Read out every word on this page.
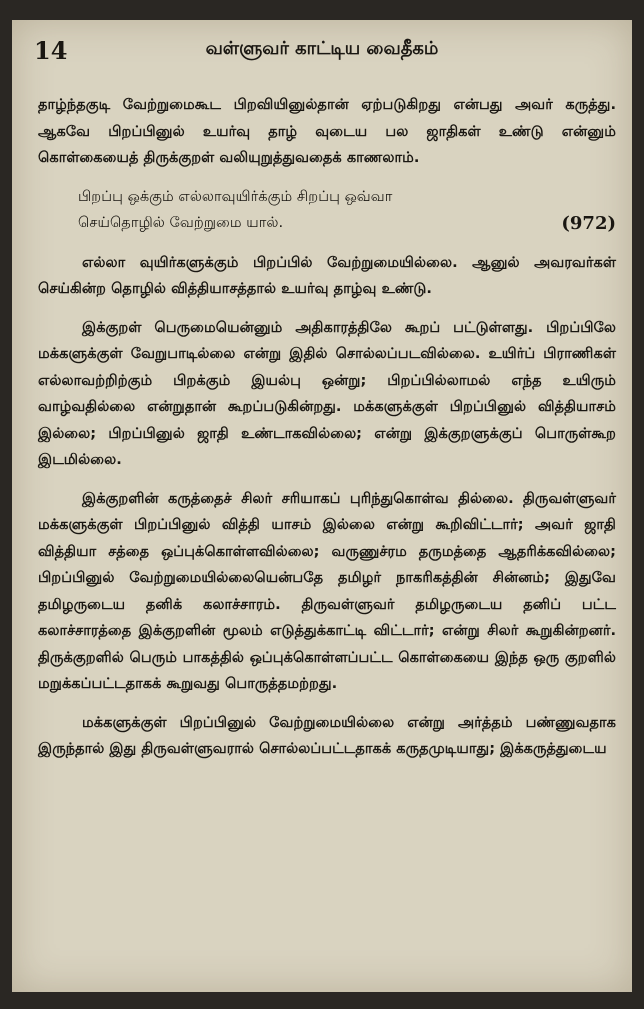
14	வள்ளுவர் காட்டிய வைதீகம்

தாழ்ந்தகுடி வேற்றுமைகூட பிறவியினுல்தான் ஏற்படுகிறது என்பது அவர் கருத்து. ஆகவே பிறப்பினுல் உயர்வு தாழ் வுடைய பல ஜாதிகள் உண்டு என்னும் கொள்கையைத் திருக்குறள் வலியுறுத்துவதைக் காணலாம்.

பிறப்பு ஒக்கும் எல்லாவுயிர்க்கும் சிறப்பு ஒவ்வா
செய்தொழில் வேற்றுமை யால்.	(972)

எல்லா வுயிர்களுக்கும் பிறப்பில் வேற்றுமையில்லை. ஆனுல் அவரவர்கள் செய்கின்ற தொழில் வித்தியாசத்தால் உயர்வு தாழ்வு உண்டு.

இக்குறள் பெருமையென்னும் அதிகாரத்திலே கூறப் பட்டுள்ளது. பிறப்பிலே மக்களுக்குள் வேறுபாடில்லை என்று இதில் சொல்லப்படவில்லை. உயிர்ப் பிராணிகள் எல்லாவற்றிற்கும் பிறக்கும் இயல்பு ஒன்று; பிறப்பில்லாமல் எந்த உயிரும் வாழ்வதில்லை என்றுதான் கூறப்படுகின்றது. மக்களுக்குள் பிறப்பினுல் வித்தியாசம் இல்லை; பிறப்பினுல் ஜாதி உண்டாகவில்லை; என்று இக்குறளுக்குப் பொருள்கூற இடமில்லை.

இக்குறளின் கருத்தைச் சிலர் சரியாகப் புரிந்துகொள்வ தில்லை. திருவள்ளுவர் மக்களுக்குள் பிறப்பினுல் வித்தி யாசம் இல்லை என்று கூறிவிட்டார்; அவர் ஜாதி வித்தியா சத்தை ஒப்புக்கொள்ளவில்லை; வருணுச்ரம தருமத்தை ஆதரிக்கவில்லை; பிறப்பினுல் வேற்றுமையில்லையென்பதே தமிழர் நாகரிகத்தின் சின்னம்; இதுவே தமிழருடைய தனிக் கலாச்சாரம். திருவள்ளுவர் தமிழருடைய தனிப் பட்ட கலாச்சாரத்தை இக்குறளின் மூலம் எடுத்துக்காட்டி விட்டார்; என்று சிலர் கூறுகின்றனர். திருக்குறளில் பெரும் பாகத்தில் ஒப்புக்கொள்ளப்பட்ட கொள்கையை இந்த ஒரு குறளில் மறுக்கப்பட்டதாகக் கூறுவது பொருத்தமற்றது.

மக்களுக்குள் பிறப்பினுல் வேற்றுமையில்லை என்று அர்த்தம் பண்ணுவதாக இருந்தால் இது திருவள்ளுவரால் சொல்லப்பட்டதாகக் கருதமுடியாது; இக்கருத்துடைய
